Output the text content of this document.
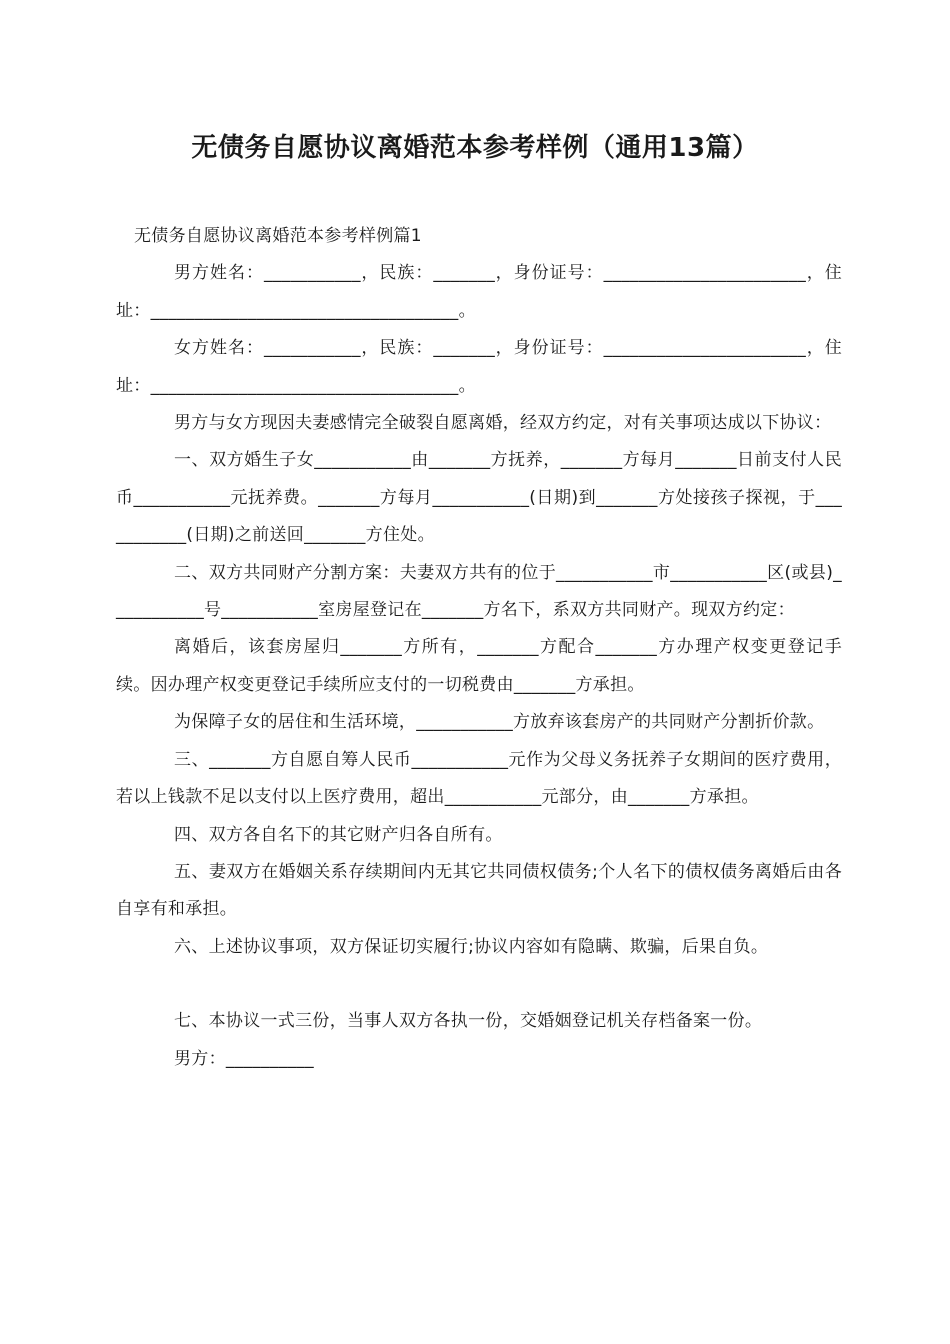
无债务自愿协议离婚范本参考样例（通用13篇）

无债务自愿协议离婚范本参考样例篇1

男方姓名：___________，民族：_______，身份证号：_______________________，住址：___________________________________。

女方姓名：___________，民族：_______，身份证号：_______________________，住址：___________________________________。

男方与女方现因夫妻感情完全破裂自愿离婚，经双方约定，对有关事项达成以下协议：

一、双方婚生子女___________由_______方抚养，_______方每月_______日前支付人民币___________元抚养费。_______方每月___________(日期)到_______方处接孩子探视，于___________(日期)之前送回_______方住处。

二、双方共同财产分割方案：夫妻双方共有的位于___________市___________区(或县)___________号___________室房屋登记在_______方名下，系双方共同财产。现双方约定：

离婚后，该套房屋归_______方所有，_______方配合_______方办理产权变更登记手续。因办理产权变更登记手续所应支付的一切税费由_______方承担。

为保障子女的居住和生活环境，___________方放弃该套房产的共同财产分割折价款。

三、_______方自愿自筹人民币___________元作为父母义务抚养子女期间的医疗费用，若以上钱款不足以支付以上医疗费用，超出___________元部分，由_______方承担。

四、双方各自名下的其它财产归各自所有。

五、妻双方在婚姻关系存续期间内无其它共同债权债务;个人名下的债权债务离婚后由各自享有和承担。

六、上述协议事项，双方保证切实履行;协议内容如有隐瞒、欺骗，后果自负。

七、本协议一式三份，当事人双方各执一份，交婚姻登记机关存档备案一份。

男方：__________
